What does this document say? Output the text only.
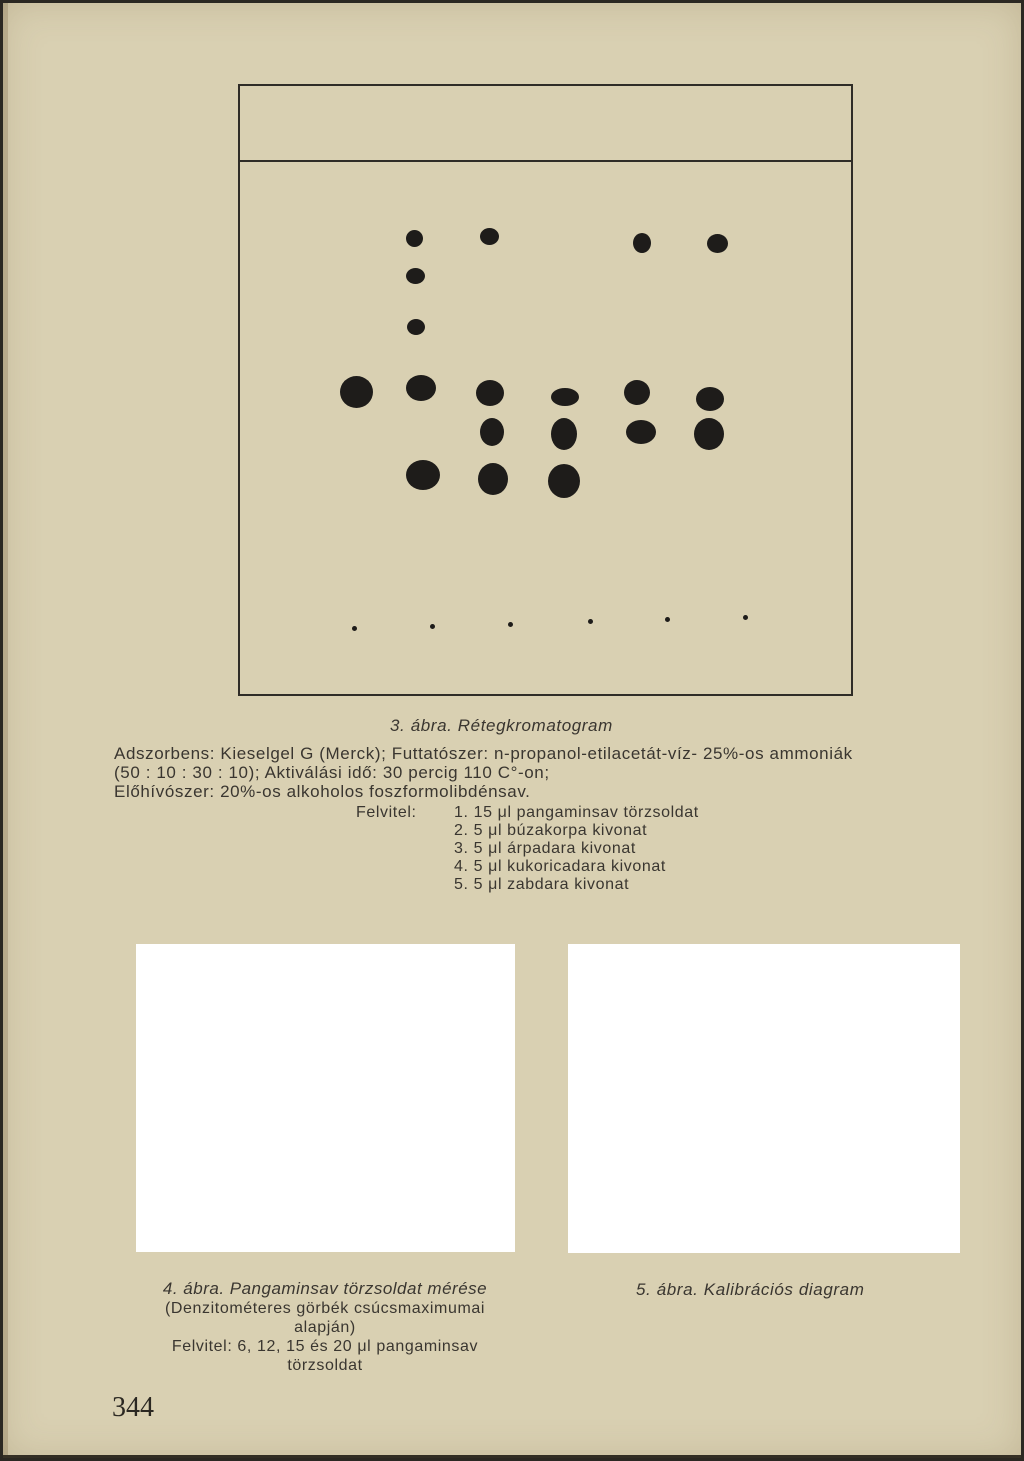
3. ábra. Rétegkromatogram
Adszorbens: Kieselgel G (Merck); Futtatószer: n-propanol-etilacetát-víz- 25%-os ammoniák
(50 : 10 : 30 : 10); Aktiválási idő: 30 percig 110 C°-on;
Előhívószer: 20%-os alkoholos foszformolibdénsav.
Felvitel: 1. 15 μl pangaminsav törzsoldat
2. 5 μl búzakorpa kivonat
3. 5 μl árpadara kivonat
4. 5 μl kukoricadara kivonat
5. 5 μl zabdara kivonat
4. ábra. Pangaminsav törzsoldat mérése
(Denzitométeres görbék csúcsmaximumai
alapján)
Felvitel: 6, 12, 15 és 20 μl pangaminsav
törzsoldat
5. ábra. Kalibrációs diagram
344
